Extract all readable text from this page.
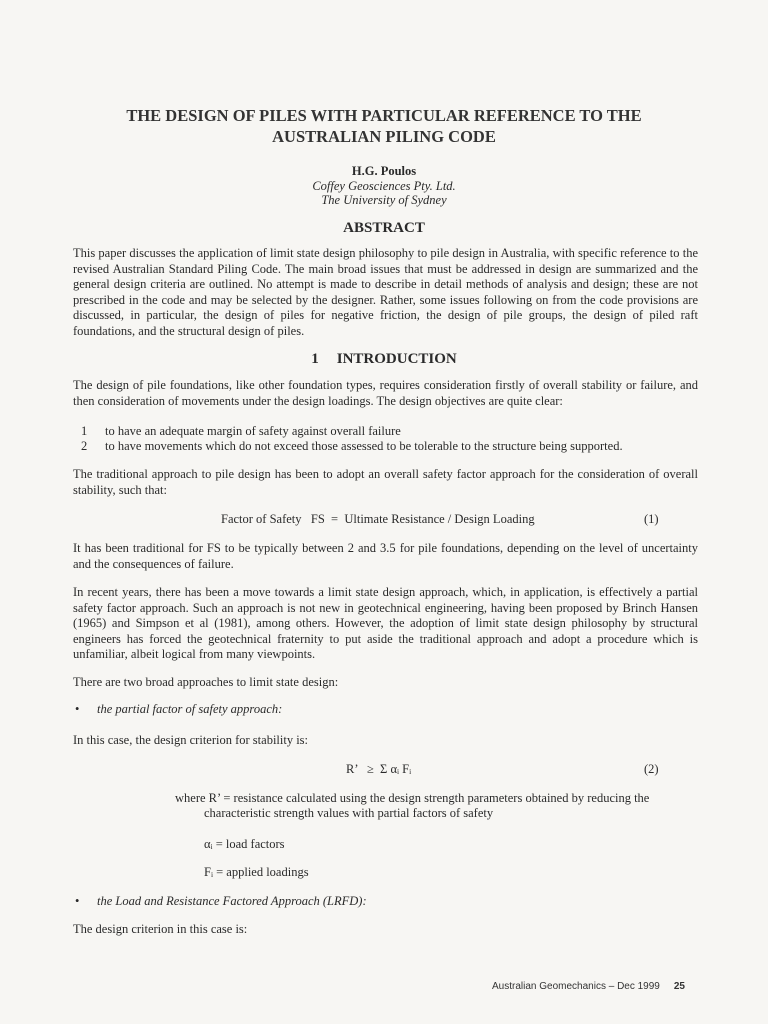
THE DESIGN OF PILES WITH PARTICULAR REFERENCE TO THE
AUSTRALIAN PILING CODE
H.G. Poulos
Coffey Geosciences Pty. Ltd.
The University of Sydney
ABSTRACT
This paper discusses the application of limit state design philosophy to pile design in Australia, with specific reference to the revised Australian Standard Piling Code. The main broad issues that must be addressed in design are summarized and the general design criteria are outlined. No attempt is made to describe in detail methods of analysis and design; these are not prescribed in the code and may be selected by the designer. Rather, some issues following on from the code provisions are discussed, in particular, the design of piles for negative friction, the design of pile groups, the design of piled raft foundations, and the structural design of piles.
1 INTRODUCTION
The design of pile foundations, like other foundation types, requires consideration firstly of overall stability or failure, and then consideration of movements under the design loadings. The design objectives are quite clear:
1 to have an adequate margin of safety against overall failure
2 to have movements which do not exceed those assessed to be tolerable to the structure being supported.
The traditional approach to pile design has been to adopt an overall safety factor approach for the consideration of overall stability, such that:
Factor of Safety   FS  =  Ultimate Resistance / Design Loading	(1)
It has been traditional for FS to be typically between 2 and 3.5 for pile foundations, depending on the level of uncertainty and the consequences of failure.
In recent years, there has been a move towards a limit state design approach, which, in application, is effectively a partial safety factor approach. Such an approach is not new in geotechnical engineering, having been proposed by Brinch Hansen (1965) and Simpson et al (1981), among others. However, the adoption of limit state design philosophy by structural engineers has forced the geotechnical fraternity to put aside the traditional approach and adopt a procedure which is unfamiliar, albeit logical from many viewpoints.
There are two broad approaches to limit state design:
• the partial factor of safety approach:
In this case, the design criterion for stability is:
R’   ≥  Σ αᵢ Fᵢ	(2)
where R’ = resistance calculated using the design strength parameters obtained by reducing the
characteristic strength values with partial factors of safety
αᵢ = load factors
Fᵢ = applied loadings
• the Load and Resistance Factored Approach (LRFD):
The design criterion in this case is:
Australian Geomechanics – Dec 1999 25
